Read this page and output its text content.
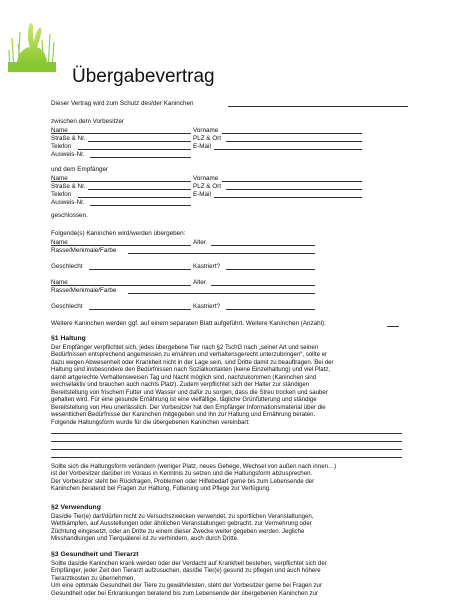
Übergabevertrag
Dieser Vertrag wird zum Schutz des/der Kaninchen
zwischen dem Vorbesitzer
Name	Vorname
Straße & Nr.	PLZ & Ort
Telefon	E-Mail
Ausweis-Nr.
und dem Empfänger
Name	Vorname
Straße & Nr.	PLZ & Ort
Telefon	E-Mail
Ausweis-Nr.
geschlossen.
Folgende(s) Kaninchen wird/werden übergeben:
Name	Alter
Rasse/Merkmale/Farbe
Geschlecht	Kastriert?
Name	Alter
Rasse/Merkmale/Farbe
Geschlecht	Kastriert?
Weitere Kaninchen werden ggf. auf einem separaten Blatt aufgeführt. Weitere Kaninchen (Anzahl):
§1 Haltung

Der Empfänger verpflichtet sich, jedes übergebene Tier nach §2 TschG nach „seiner Art und seinen

Bedürfnissen entsprechend angemessen zu ernähren und verhaltensgerecht unterzubringen“, sollte er

dazu wegen Abwesenheit oder Krankheit nicht in der Lage sein, sind Dritte damit zu beauftragen. Bei der

Haltung sind insbesondere den Bedürfnissen nach Sozialkontakten (keine Einzelhaltung) und viel Platz,

damit artgerechte Verhaltensweisen Tag und Nacht möglich sind, nachzukommen (Kaninchen sind

wechselaktiv und brauchen auch nachts Platz). Zudem verpflichtet sich der Halter zur ständigen

Bereitstellung von frischem Futter und Wasser und dafür zu sorgen, dass die Streu trocken und sauber

gehalten wird. Für eine gesunde Ernährung ist eine vielfältige, tägliche Grünfütterung und ständige

Bereitstellung von Heu unerlässlich. Der Vorbesitzer hat den Empfänger Informationsmaterial über die

wesentlichen Bedürfnisse der Kaninchen mitgegeben und ihn zur Haltung und Ernährung beraten.

Folgende Haltungsform wurde für die übergebenen Kaninchen vereinbart:

Sollte sich die Haltungsform verändern (weniger Platz, neues Gehege, Wechsel von außen nach innen…)

ist der Vorbesitzer darüber im Voraus in Kenntnis zu setzen und die Haltungsform abzusprechen.

Der Vorbesitzer steht bei Rückfragen, Problemen oder Hilfebedarf gerne bis zum Lebensende der

Kaninchen beratend bei Fragen zur Haltung, Fütterung und Pflege zur Verfügung.

§2 Verwendung

Das/die Tier(e) darf/dürfen nicht zu Versuchszwecken verwendet, zu sportlichen Veranstaltungen,

Wettkämpfen, auf Ausstellungen oder ähnlichen Veranstaltungen gebracht, zur Vermehrung oder

Züchtung eingesetzt, oder an Dritte zu einem dieser Zwecke weiter gegeben werden. Jegliche

Misshandlungen und Tierquälerei ist zu verhindern, auch durch Dritte.

§3 Gesundheit und Tierarzt

Sollte das/die Kaninchen krank werden oder der Verdacht auf Krankheit bestehen, verpflichtet sich der

Empfänger, jeder Zeit den Tierarzt aufzusuchen, das/die Tier(e) gesund zu pflegen und auch höhere

Tierarztkosten zu übernehmen.

Um eine optimale Gesundheit der Tiere zu gewährleisten, steht der Vorbesitzer gerne bei Fragen zur

Gesundheit oder bei Erkrankungen beratend bis zum Lebensende der übergebenen Kaninchen zur
